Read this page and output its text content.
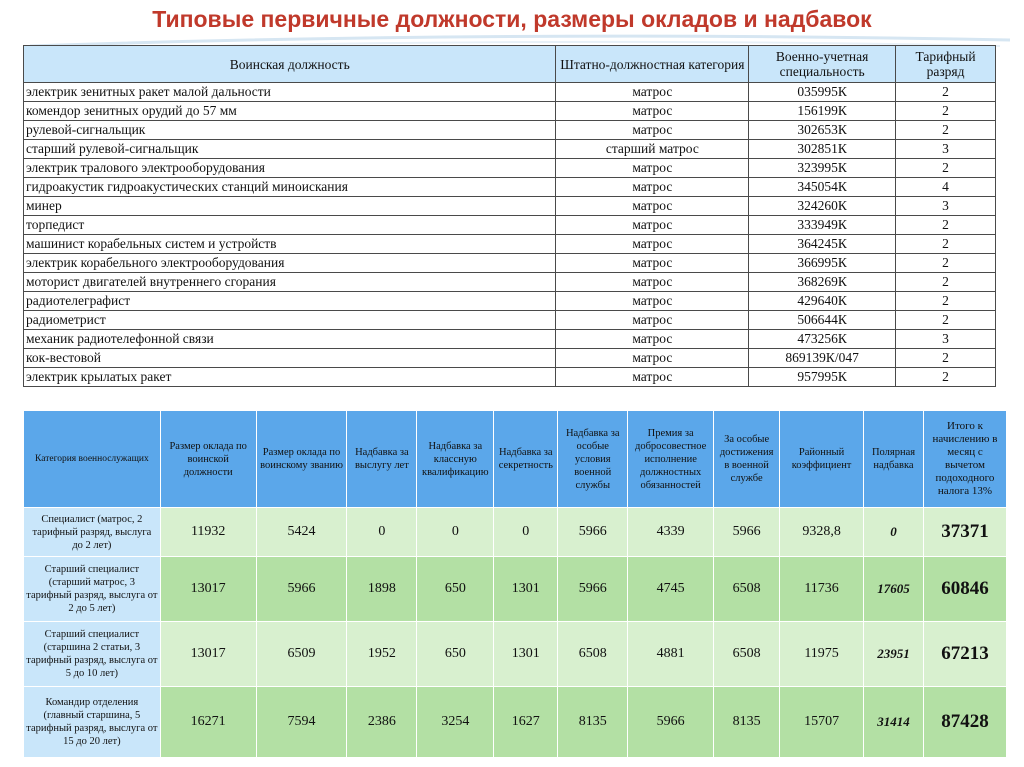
Типовые первичные должности, размеры окладов и надбавок
Воинская должность	Штатно-должностная категория	Военно-учетная специальность	Тарифный разряд
электрик зенитных ракет малой дальности	матрос	035995К	2
комендор зенитных орудий до 57 мм	матрос	156199К	2
рулевой-сигнальщик	матрос	302653К	2
старший рулевой-сигнальщик	старший матрос	302851К	3
электрик тралового электрооборудования	матрос	323995К	2
гидроакустик гидроакустических станций миноискания	матрос	345054К	4
минер	матрос	324260К	3
торпедист	матрос	333949К	2
машинист корабельных систем и устройств	матрос	364245К	2
электрик корабельного электрооборудования	матрос	366995К	2
моторист двигателей внутреннего сгорания	матрос	368269К	2
радиотелеграфист	матрос	429640К	2
радиометрист	матрос	506644К	2
механик радиотелефонной связи	матрос	473256К	3
кок-вестовой	матрос	869139К/047	2
электрик крылатых ракет	матрос	957995К	2
Категория военнослужащих	Размер оклада по воинской должности	Размер оклада по воинскому званию	Надбавка за выслугу лет	Надбавка за классную квалификацию	Надбавка за секретность	Надбавка за особые условия военной службы	Премия за добросовестное исполнение должностных обязанностей	За особые достижения в военной службе	Районный коэффициент	Полярная надбавка	Итого к начислению в месяц с вычетом подоходного налога 13%
Специалист (матрос, 2 тарифный разряд, выслуга до 2 лет)	11932	5424	0	0	0	5966	4339	5966	9328,8	0	37371
Старший специалист (старший матрос, 3 тарифный разряд, выслуга от 2 до 5 лет)	13017	5966	1898	650	1301	5966	4745	6508	11736	17605	60846
Старший специалист (старшина 2 статьи, 3 тарифный разряд, выслуга от 5 до 10 лет)	13017	6509	1952	650	1301	6508	4881	6508	11975	23951	67213
Командир отделения (главный старшина, 5 тарифный разряд, выслуга от 15 до 20 лет)	16271	7594	2386	3254	1627	8135	5966	8135	15707	31414	87428
